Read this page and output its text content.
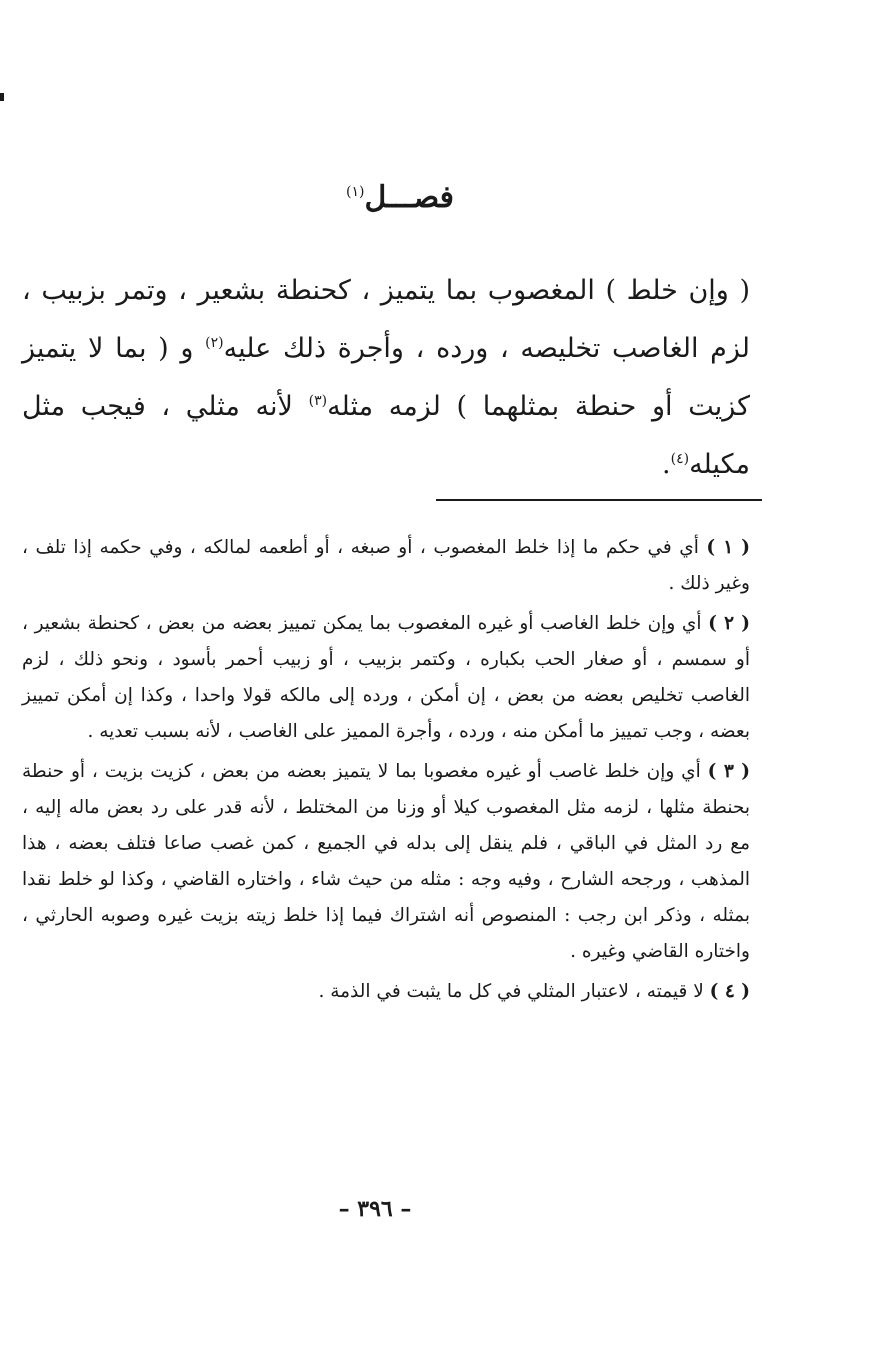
فصـــل$^{(١)}$

( وإن خلط ) المغصوب بما يتميز ، كحنطة بشعير ، وتمر بزبيب ، لزم الغاصب تخليصه ، ورده ، وأجرة ذلك عليه$^{(٢)}$ و ( بما لا يتميز كزيت أو حنطة بمثلهما ) لزمه مثله$^{(٣)}$ لأنه مثلي ، فيجب مثل مكيله$^{(٤)}$.

( ١ ) أي في حكم ما إذا خلط المغصوب ، أو صبغه ، أو أطعمه لمالكه ، وفي حكمه إذا تلف ، وغير ذلك .

( ٢ ) أي وإن خلط الغاصب أو غيره المغصوب بما يمكن تمييز بعضه من بعض ، كحنطة بشعير ، أو سمسم ، أو صغار الحب بكباره ، وكتمر بزبيب ، أو زبيب أحمر بأسود ، ونحو ذلك ، لزم الغاصب تخليص بعضه من بعض ، إن أمكن ، ورده إلى مالكه قولا واحدا ، وكذا إن أمكن تمييز بعضه ، وجب تمييز ما أمكن منه ، ورده ، وأجرة المميز على الغاصب ، لأنه بسبب تعديه .

( ٣ ) أي وإن خلط غاصب أو غيره مغصوبا بما لا يتميز بعضه من بعض ، كزيت بزيت ، أو حنطة بحنطة مثلها ، لزمه مثل المغصوب كيلا أو وزنا من المختلط ، لأنه قدر على رد بعض ماله إليه ، مع رد المثل في الباقي ، فلم ينقل إلى بدله في الجميع ، كمن غصب صاعا فتلف بعضه ، هذا المذهب ، ورجحه الشارح ، وفيه وجه : مثله من حيث شاء ، واختاره القاضي ، وكذا لو خلط نقدا بمثله ، وذكر ابن رجب : المنصوص أنه اشتراك فيما إذا خلط زيته بزيت غيره وصوبه الحارثي ، واختاره القاضي وغيره .

( ٤ ) لا قيمته ، لاعتبار المثلي في كل ما يثبت في الذمة .

– ٣٩٦ –
